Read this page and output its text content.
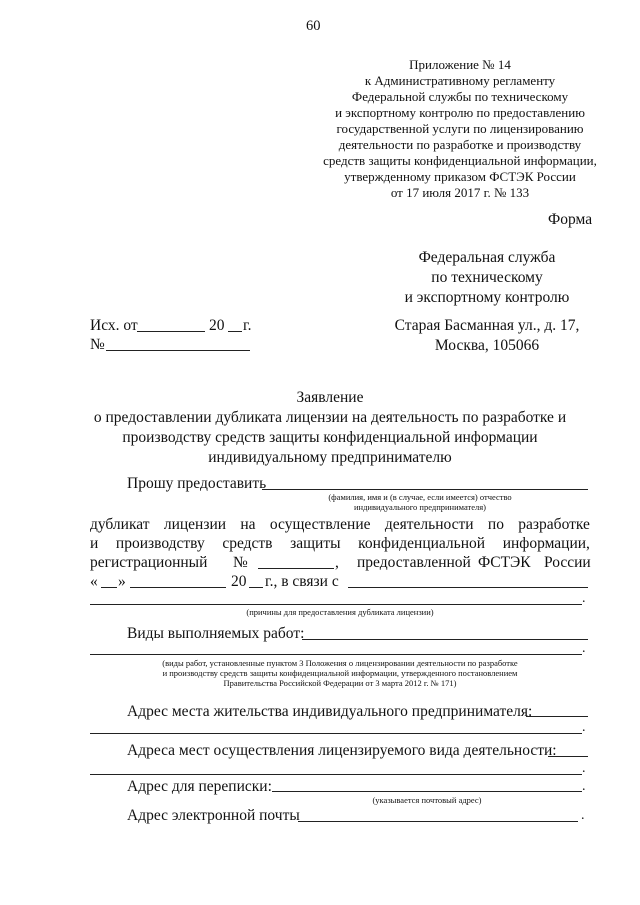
60
Приложение № 14
к Административному регламенту
Федеральной службы по техническому
и экспортному контролю по предоставлению
государственной услуги по лицензированию
деятельности по разработке и производству
средств защиты конфиденциальной информации,
утвержденному приказом ФСТЭК России
от 17 июля 2017 г. № 133
Форма
Федеральная служба
по техническому
и экспортному контролю
Старая Басманная ул., д. 17,
Москва, 105066
Исх. от	20 г.
№
Заявление
о предоставлении дубликата лицензии на деятельность по разработке и
производству средств защиты конфиденциальной информации
индивидуальному предпринимателю
Прошу предоставить
(фамилия, имя и (в случае, если имеется) отчество
индивидуального предпринимателя)
дубликат лицензии на осуществление деятельности по разработке
и производству средств защиты конфиденциальной информации,
регистрационный №	, предоставленной ФСТЭК России
« »	20 г., в связи с
.
(причины для предоставления дубликата лицензии)
Виды выполняемых работ:
.
(виды работ, установленные пунктом 3 Положения о лицензировании деятельности по разработке
и производству средств защиты конфиденциальной информации, утвержденного постановлением
Правительства Российской Федерации от 3 марта 2012 г. № 171)
Адрес места жительства индивидуального предпринимателя:
.
Адреса мест осуществления лицензируемого вида деятельности:
.
Адрес для переписки:	.
(указывается почтовый адрес)
Адрес электронной почты	.
